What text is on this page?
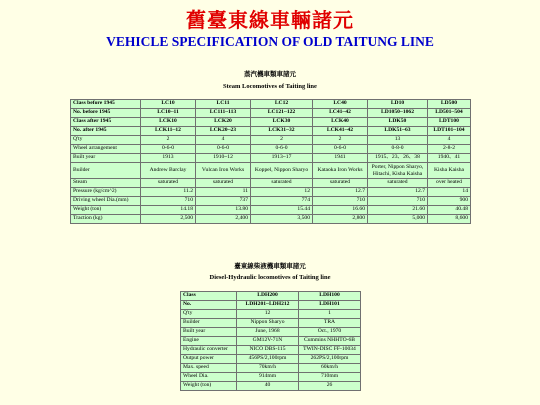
舊臺東線車輛諸元
VEHICLE SPECIFICATION OF OLD TAITUNG LINE
蒸汽機車類車諸元
Steam Locomotives of Taiting line
Class before 1945	LC10	LC11	LC12	LC40	LD10	LD500
No. before 1945	LC10~11	LC111~113	LC121~122	LC41~42	LD1050~1062	LD501~504
Class after 1945	LCK10	LCK20	LCK30	LCK40	LDK50	LDT100
No. after 1945	LCK11~12	LCK20~23	LCK31~32	LCK41~42	LDK51~63	LDT101~104
Q'ty	2	4	2	2	13	4
Wheel arrangement	0-6-0	0-6-0	0-6-0	0-6-0	0-8-0	2-8-2
Built year	1913	1910~12	1913~17	1941	1915、23、26、38	1940、41
Builder	Andrew Barclay	Vulcan Iron Works	Koppel, Nippon Sharyo	Kataoka Iron Works	Porter, Nippon Sharyo, Hitachi, Kisha Kaisha	Kisha Kaisha
Steam	saturated	saturated	saturated	saturated	saturated	over heated
Pressure (kg/cm^2)	11.2	11	12	12.7	12.7	14
Driving wheel Dia.(mm)	710	737	774	710	710	900
Weight (ton)	14.18	13.80	15.44	16.60	21.60	40.48
Traction (kg)	2,500	2,400	3,500	2,800	5,000	8,600
臺東線柴液機車類車諸元
Diesel-Hydraulic locomotives of Taiting line
Class	LDH200	LDH100
No.	LDH201~LDH212	LDH101
Q'ty	12	1
Builder	Nippon Sharyo	TRA
Built year	June, 1968	Oct., 1970
Engine	GM12V-71N	Cummins NHHTO-6B
Hydraulic converter	NICO DBS-115	TWIN-DISC FF-10034
Output power	456PS/2,100rpm	262PS/2,100rpm
Max. speed	70km/h	60km/h
Wheel Dia.	914mm	710mm
Weight (ton)	40	26
